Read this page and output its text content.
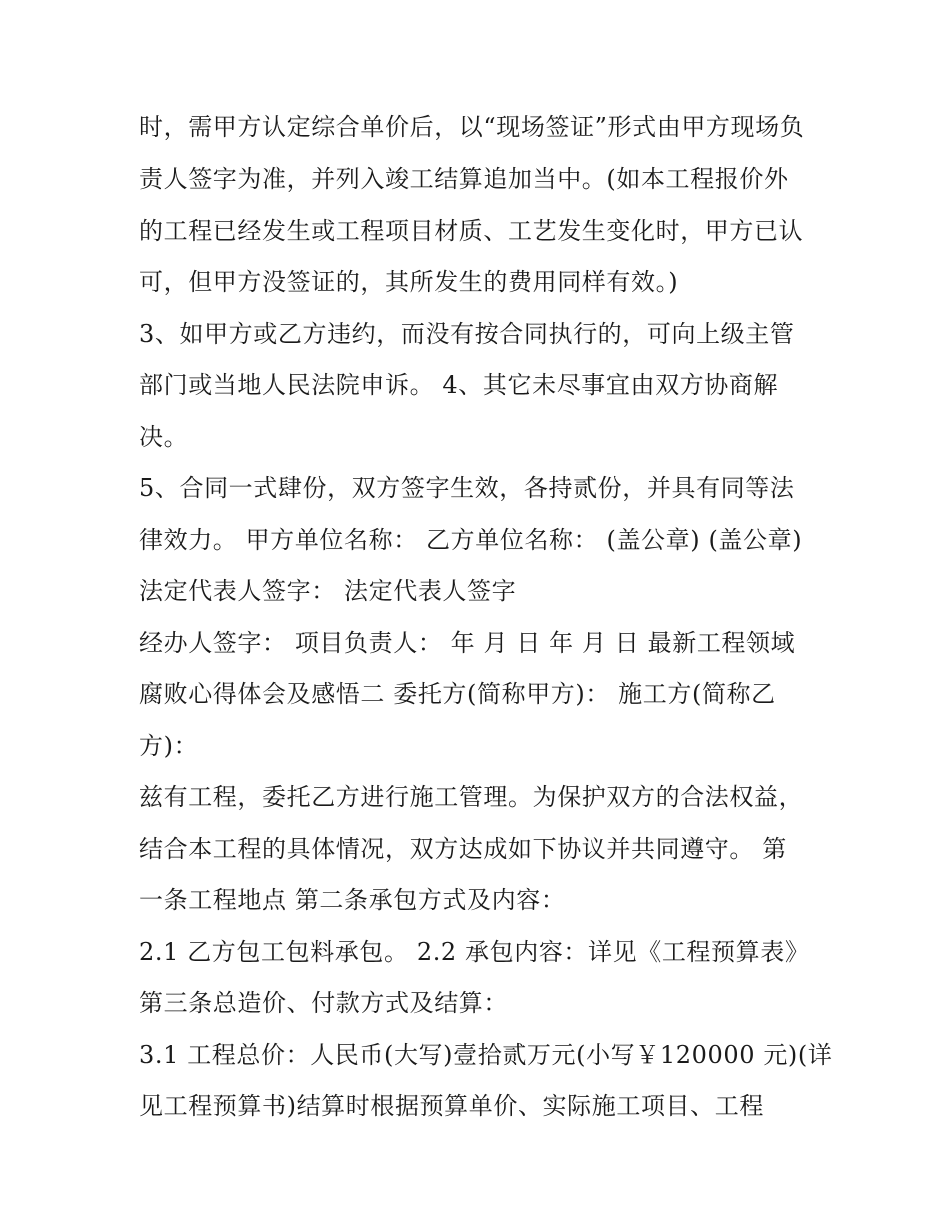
时，需甲方认定综合单价后，以“现场签证”形式由甲方现场负
责人签字为准，并列入竣工结算追加当中。(如本工程报价外
的工程已经发生或工程项目材质、工艺发生变化时，甲方已认
可，但甲方没签证的，其所发生的费用同样有效。)
3、如甲方或乙方违约，而没有按合同执行的，可向上级主管
部门或当地人民法院申诉。 4、其它未尽事宜由双方协商解
决。
5、合同一式肆份，双方签字生效，各持贰份，并具有同等法
律效力。 甲方单位名称： 乙方单位名称： (盖公章) (盖公章)
法定代表人签字： 法定代表人签字
经办人签字： 项目负责人： 年 月 日 年 月 日 最新工程领域
腐败心得体会及感悟二 委托方(简称甲方)： 施工方(简称乙
方)：
兹有工程，委托乙方进行施工管理。为保护双方的合法权益，
结合本工程的具体情况，双方达成如下协议并共同遵守。 第
一条工程地点 第二条承包方式及内容：
2.1 乙方包工包料承包。 2.2 承包内容：详见《工程预算表》
第三条总造价、付款方式及结算：
3.1 工程总价：人民币(大写)壹拾贰万元(小写￥120000 元)(详
见工程预算书)结算时根据预算单价、实际施工项目、工程
